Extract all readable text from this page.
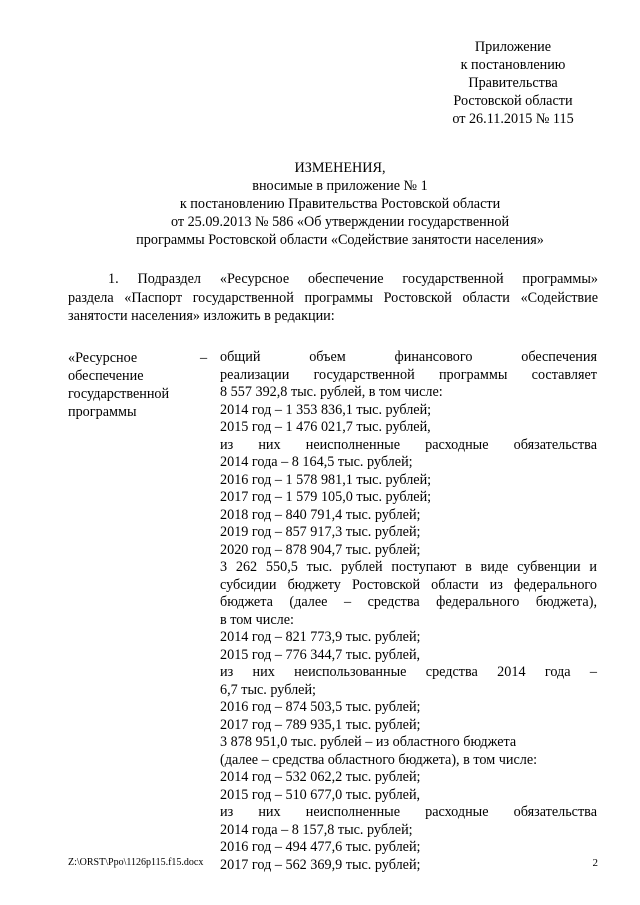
Приложение
к постановлению
Правительства
Ростовской области
от 26.11.2015 № 115
ИЗМЕНЕНИЯ,
вносимые в приложение № 1
к постановлению Правительства Ростовской области
от 25.09.2013 № 586 «Об утверждении государственной
программы Ростовской области «Содействие занятости населения»
1. Подраздел «Ресурсное обеспечение государственной программы»
раздела «Паспорт государственной программы Ростовской области «Содействие
занятости населения» изложить в редакции:
«Ресурсное
обеспечение
государственной
программы
– общий объем финансового обеспечения
реализации государственной программы составляет
8 557 392,8 тыс. рублей, в том числе:
2014 год – 1 353 836,1 тыс. рублей;
2015 год – 1 476 021,7 тыс. рублей,
из них неисполненные расходные обязательства
2014 года – 8 164,5 тыс. рублей;
2016 год – 1 578 981,1 тыс. рублей;
2017 год – 1 579 105,0 тыс. рублей;
2018 год – 840 791,4 тыс. рублей;
2019 год – 857 917,3 тыс. рублей;
2020 год – 878 904,7 тыс. рублей;
3 262 550,5 тыс. рублей поступают в виде субвенции и
субсидии бюджету Ростовской области из федерального
бюджета (далее – средства федерального бюджета),
в том числе:
2014 год – 821 773,9 тыс. рублей;
2015 год – 776 344,7 тыс. рублей,
из них неиспользованные средства 2014 года –
6,7 тыс. рублей;
2016 год – 874 503,5 тыс. рублей;
2017 год – 789 935,1 тыс. рублей;
3 878 951,0 тыс. рублей – из областного бюджета
(далее – средства областного бюджета), в том числе:
2014 год – 532 062,2 тыс. рублей;
2015 год – 510 677,0 тыс. рублей,
из них неисполненные расходные обязательства
2014 года – 8 157,8 тыс. рублей;
2016 год – 494 477,6 тыс. рублей;
2017 год – 562 369,9 тыс. рублей;
Z:\ORST\Ppo\1126p115.f15.docx	2
